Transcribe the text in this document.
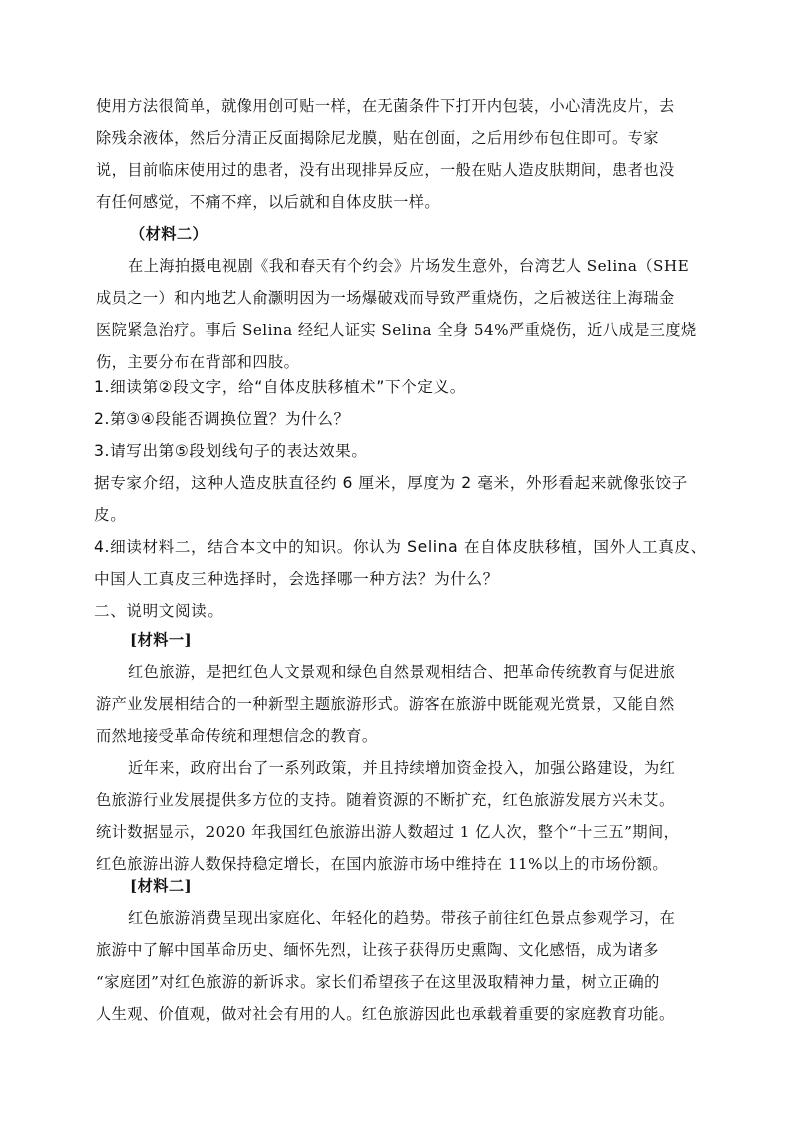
使用方法很简单，就像用创可贴一样，在无菌条件下打开内包装，小心清洗皮片，去
除残余液体，然后分清正反面揭除尼龙膜，贴在创面，之后用纱布包住即可。专家
说，目前临床使用过的患者，没有出现排异反应，一般在贴人造皮肤期间，患者也没
有任何感觉，不痛不痒，以后就和自体皮肤一样。
（材料二）
在上海拍摄电视剧《我和春天有个约会》片场发生意外，台湾艺人 Selina（SHE
成员之一）和内地艺人俞灏明因为一场爆破戏而导致严重烧伤，之后被送往上海瑞金
医院紧急治疗。事后 Selina 经纪人证实 Selina 全身 54%严重烧伤，近八成是三度烧
伤，主要分布在背部和四肢。
1.细读第②段文字，给“自体皮肤移植术”下个定义。
2.第③④段能否调换位置？为什么？
3.请写出第⑤段划线句子的表达效果。
据专家介绍，这种人造皮肤直径约 6 厘米，厚度为 2 毫米，外形看起来就像张饺子
皮。
4.细读材料二，结合本文中的知识。你认为 Selina 在自体皮肤移植，国外人工真皮、
中国人工真皮三种选择时，会选择哪一种方法？为什么？
二、说明文阅读。
[材料一]
红色旅游，是把红色人文景观和绿色自然景观相结合、把革命传统教育与促进旅
游产业发展相结合的一种新型主题旅游形式。游客在旅游中既能观光赏景，又能自然
而然地接受革命传统和理想信念的教育。
近年来，政府出台了一系列政策，并且持续增加资金投入，加强公路建设，为红
色旅游行业发展提供多方位的支持。随着资源的不断扩充，红色旅游发展方兴未艾。
统计数据显示，2020 年我国红色旅游出游人数超过 1 亿人次，整个“十三五”期间，
红色旅游出游人数保持稳定增长，在国内旅游市场中维持在 11%以上的市场份额。
[材料二]
红色旅游消费呈现出家庭化、年轻化的趋势。带孩子前往红色景点参观学习，在
旅游中了解中国革命历史、缅怀先烈，让孩子获得历史熏陶、文化感悟，成为诸多
“家庭团”对红色旅游的新诉求。家长们希望孩子在这里汲取精神力量，树立正确的
人生观、价值观，做对社会有用的人。红色旅游因此也承载着重要的家庭教育功能。
